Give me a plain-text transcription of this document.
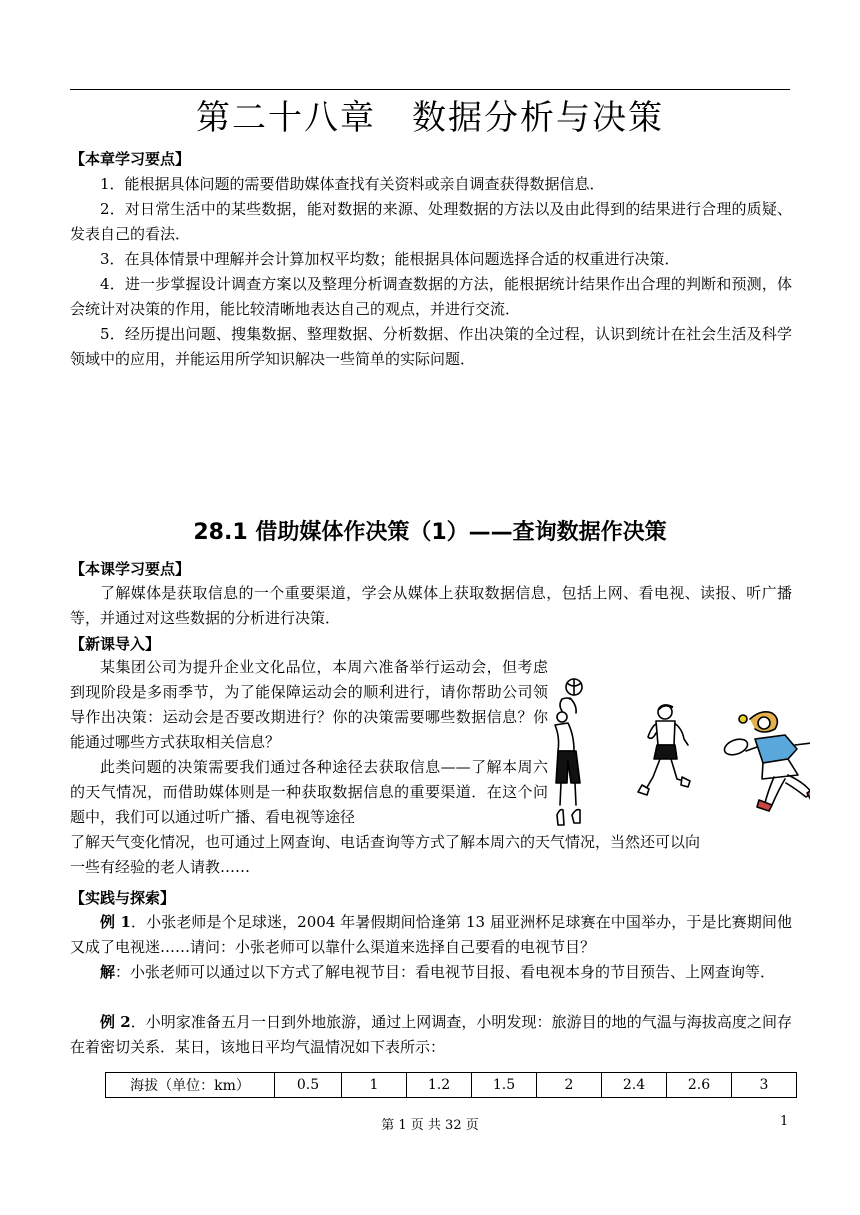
第二十八章　数据分析与决策
【本章学习要点】

1．能根据具体问题的需要借助媒体查找有关资料或亲自调查获得数据信息．

2．对日常生活中的某些数据，能对数据的来源、处理数据的方法以及由此得到的结果进行合理的质疑、发表自己的看法．

3．在具体情景中理解并会计算加权平均数；能根据具体问题选择合适的权重进行决策．

4．进一步掌握设计调查方案以及整理分析调查数据的方法，能根据统计结果作出合理的判断和预测，体会统计对决策的作用，能比较清晰地表达自己的观点，并进行交流．

5．经历提出问题、搜集数据、整理数据、分析数据、作出决策的全过程，认识到统计在社会生活及科学领域中的应用，并能运用所学知识解决一些简单的实际问题．

28.1 借助媒体作决策（1）——查询数据作决策
【本课学习要点】

了解媒体是获取信息的一个重要渠道，学会从媒体上获取数据信息，包括上网、看电视、读报、听广播等，并通过对这些数据的分析进行决策．

【新课导入】

某集团公司为提升企业文化品位，本周六准备举行运动会，但考虑到现阶段是多雨季节，为了能保障运动会的顺利进行，请你帮助公司领导作出决策：运动会是否要改期进行？你的决策需要哪些数据信息？你能通过哪些方式获取相关信息？

此类问题的决策需要我们通过各种途径去获取信息——了解本周六的天气情况，而借助媒体则是一种获取数据信息的重要渠道．在这个问题中，我们可以通过听广播、看电视等途径

了解天气变化情况，也可通过上网查询、电话查询等方式了解本周六的天气情况，当然还可以向

一些有经验的老人请教……

【实践与探索】

例 1．小张老师是个足球迷，2004 年暑假期间恰逢第 13 届亚洲杯足球赛在中国举办，于是比赛期间他又成了电视迷……请问：小张老师可以靠什么渠道来选择自己要看的电视节目？

解：小张老师可以通过以下方式了解电视节目：看电视节目报、看电视本身的节目预告、上网查询等．

例 2．小明家准备五月一日到外地旅游，通过上网调查，小明发现：旅游目的地的气温与海拔高度之间存在着密切关系．某日，该地日平均气温情况如下表所示：

海拔（单位：km）	0.5	1	1.2	1.5	2	2.4	2.6	3
第 1 页 共 32 页	1
